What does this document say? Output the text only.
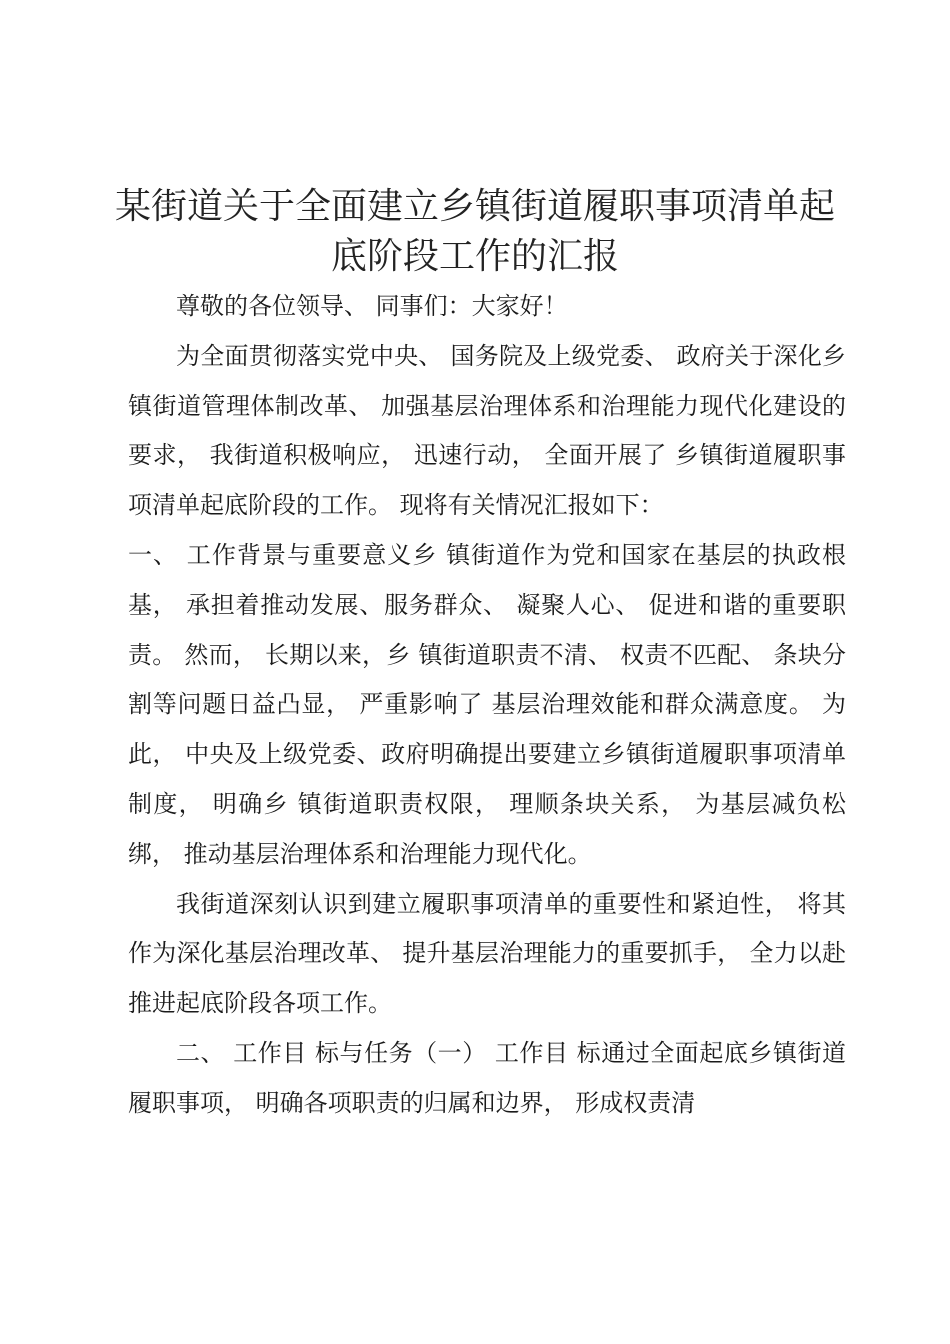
某街道关于全面建立乡镇街道履职事项清单起底阶段工作的汇报

尊敬的各位领导、 同事们：大家好！

为全面贯彻落实党中央、 国务院及上级党委、 政府关于深化乡 镇街道管理体制改革、 加强基层治理体系和治理能力现代化建设的要求， 我街道积极响应， 迅速行动， 全面开展了 乡镇街道履职事项清单起底阶段的工作。 现将有关情况汇报如下：

一、 工作背景与重要意义乡 镇街道作为党和国家在基层的执政根基， 承担着推动发展、服务群众、 凝聚人心、 促进和谐的重要职责。 然而， 长期以来，乡 镇街道职责不清、 权责不匹配、 条块分割等问题日益凸显， 严重影响了 基层治理效能和群众满意度。 为此， 中央及上级党委、政府明确提出要建立乡镇街道履职事项清单制度， 明确乡 镇街道职责权限， 理顺条块关系， 为基层减负松绑， 推动基层治理体系和治理能力现代化。

我街道深刻认识到建立履职事项清单的重要性和紧迫性， 将其作为深化基层治理改革、 提升基层治理能力的重要抓手， 全力以赴推进起底阶段各项工作。

二、 工作目 标与任务（一） 工作目 标通过全面起底乡镇街道履职事项， 明确各项职责的归属和边界， 形成权责清
